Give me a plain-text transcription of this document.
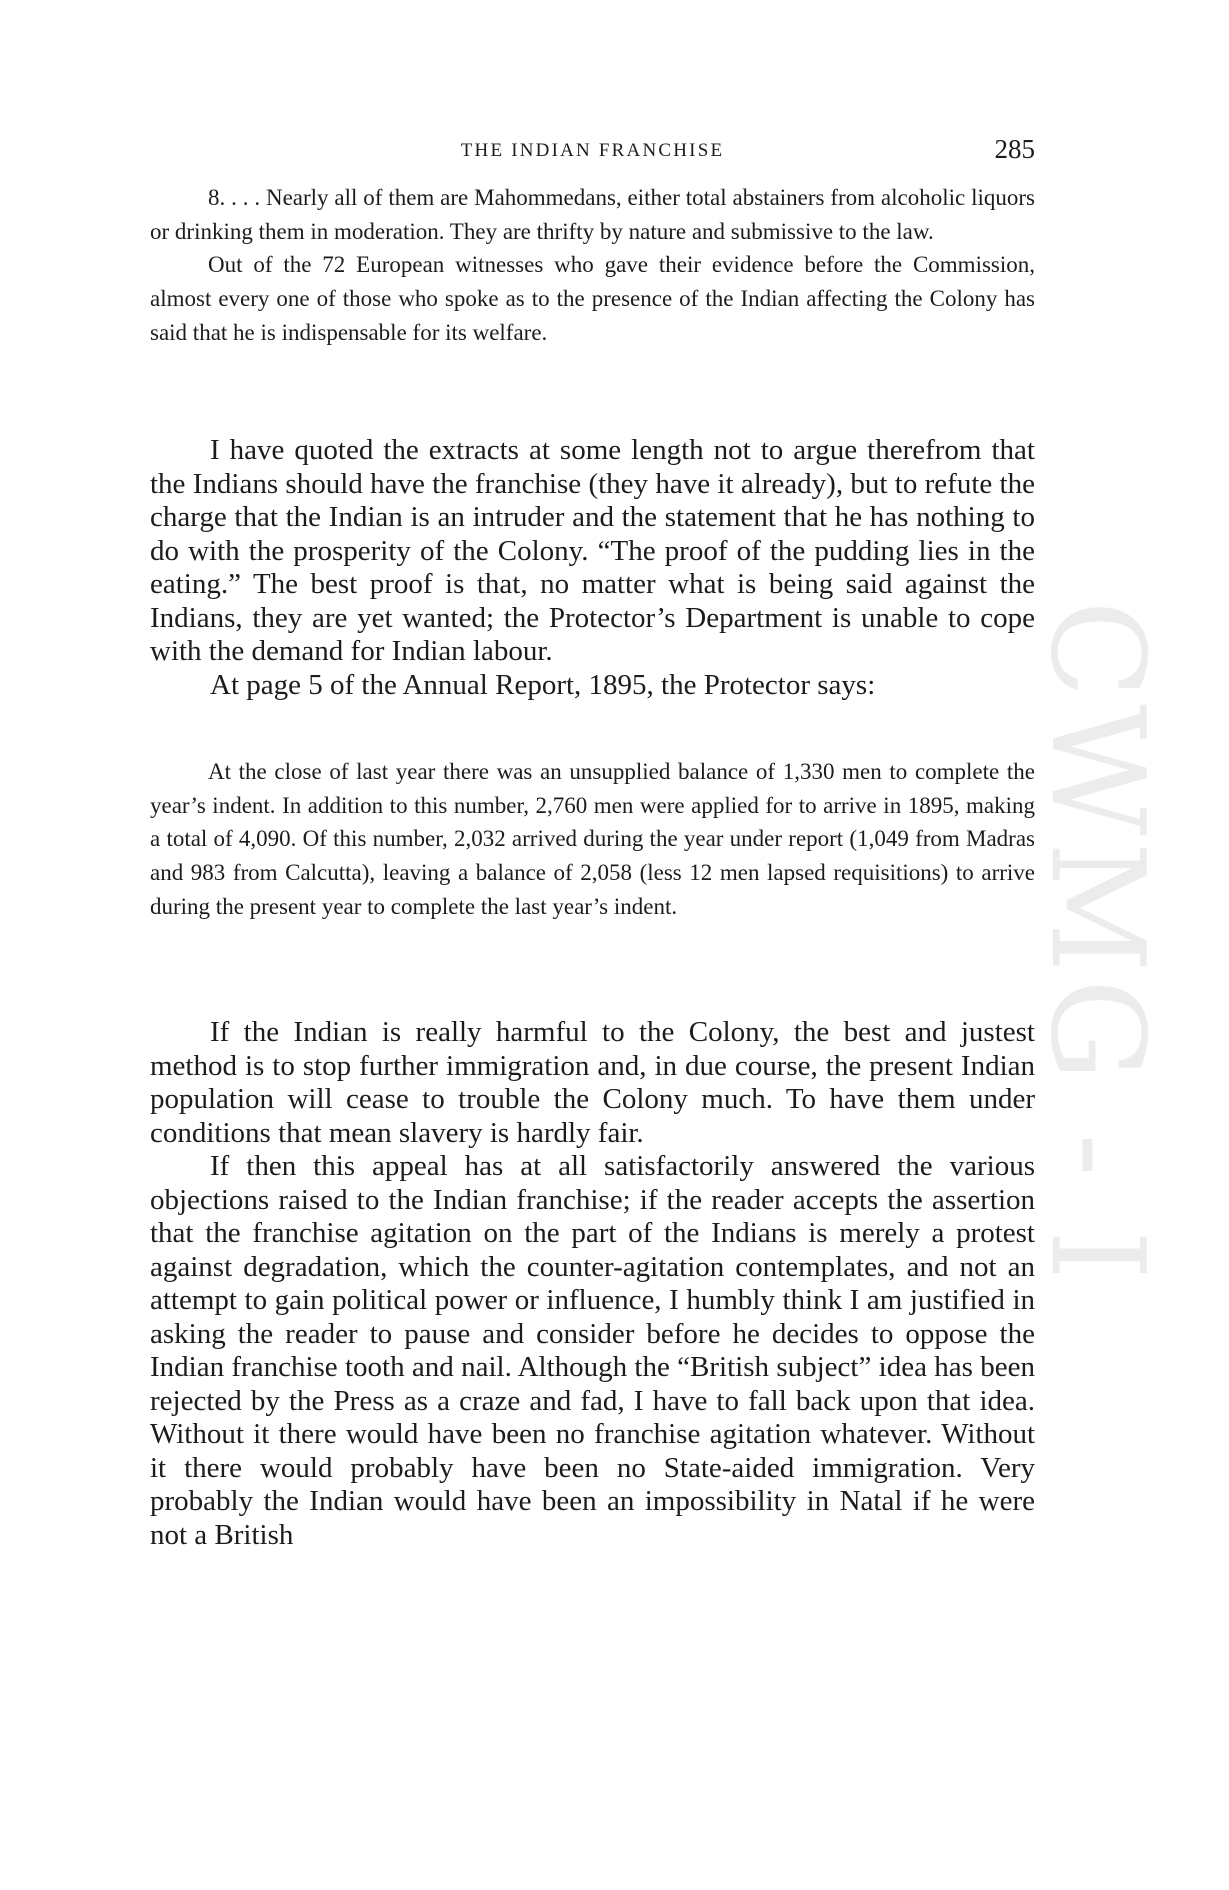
CWMG - I
THE INDIAN FRANCHISE	285

8. . . . Nearly all of them are Mahommedans, either total abstainers from alcoholic liquors or drinking them in moderation. They are thrifty by nature and submissive to the law.

Out of the 72 European witnesses who gave their evidence before the Commission, almost every one of those who spoke as to the presence of the Indian affecting the Colony has said that he is indispensable for its welfare.

I have quoted the extracts at some length not to argue therefrom that the Indians should have the franchise (they have it already), but to refute the charge that the Indian is an intruder and the statement that he has nothing to do with the prosperity of the Colony. “The proof of the pudding lies in the eating.” The best proof is that, no matter what is being said against the Indians, they are yet wanted; the Protector’s Department is unable to cope with the demand for Indian labour.

At page 5 of the Annual Report, 1895, the Protector says:

At the close of last year there was an unsupplied balance of 1,330 men to complete the year’s indent. In addition to this number, 2,760 men were applied for to arrive in 1895, making a total of 4,090. Of this number, 2,032 arrived during the year under report (1,049 from Madras and 983 from Calcutta), leaving a balance of 2,058 (less 12 men lapsed requisitions) to arrive during the present year to complete the last year’s indent.

If the Indian is really harmful to the Colony, the best and justest method is to stop further immigration and, in due course, the present Indian population will cease to trouble the Colony much. To have them under conditions that mean slavery is hardly fair.

If then this appeal has at all satisfactorily answered the various objections raised to the Indian franchise; if the reader accepts the assertion that the franchise agitation on the part of the Indians is merely a protest against degradation, which the counter-agitation contemplates, and not an attempt to gain political power or influence, I humbly think I am justified in asking the reader to pause and consider before he decides to oppose the Indian franchise tooth and nail. Although the “British subject” idea has been rejected by the Press as a craze and fad, I have to fall back upon that idea. Without it there would have been no franchise agitation whatever. Without it there would probably have been no State-aided immigration. Very probably the Indian would have been an impossibility in Natal if he were not a British
